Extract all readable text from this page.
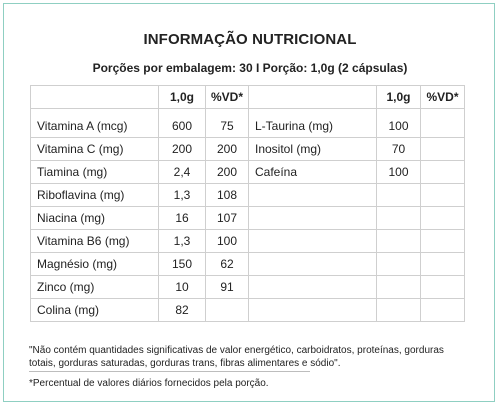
INFORMAÇÃO NUTRICIONAL
Porções por embalagem: 30 I Porção: 1,0g (2 cápsulas)
	1,0g	%VD*		1,0g	%VD*
Vitamina A (mcg)	600	75	L-Taurina (mg)	100	
Vitamina C (mg)	200	200	Inositol (mg)	70	
Tiamina (mg)	2,4	200	Cafeína	100	
Riboflavina (mg)	1,3	108			
Niacina (mg)	16	107			
Vitamina B6 (mg)	1,3	100			
Magnésio (mg)	150	62			
Zinco (mg)	10	91			
Colina (mg)	82				
"Não contém quantidades significativas de valor energético, carboidratos, proteínas, gorduras totais, gorduras saturadas, gorduras trans, fibras alimentares e sódio".
*Percentual de valores diários fornecidos pela porção.
